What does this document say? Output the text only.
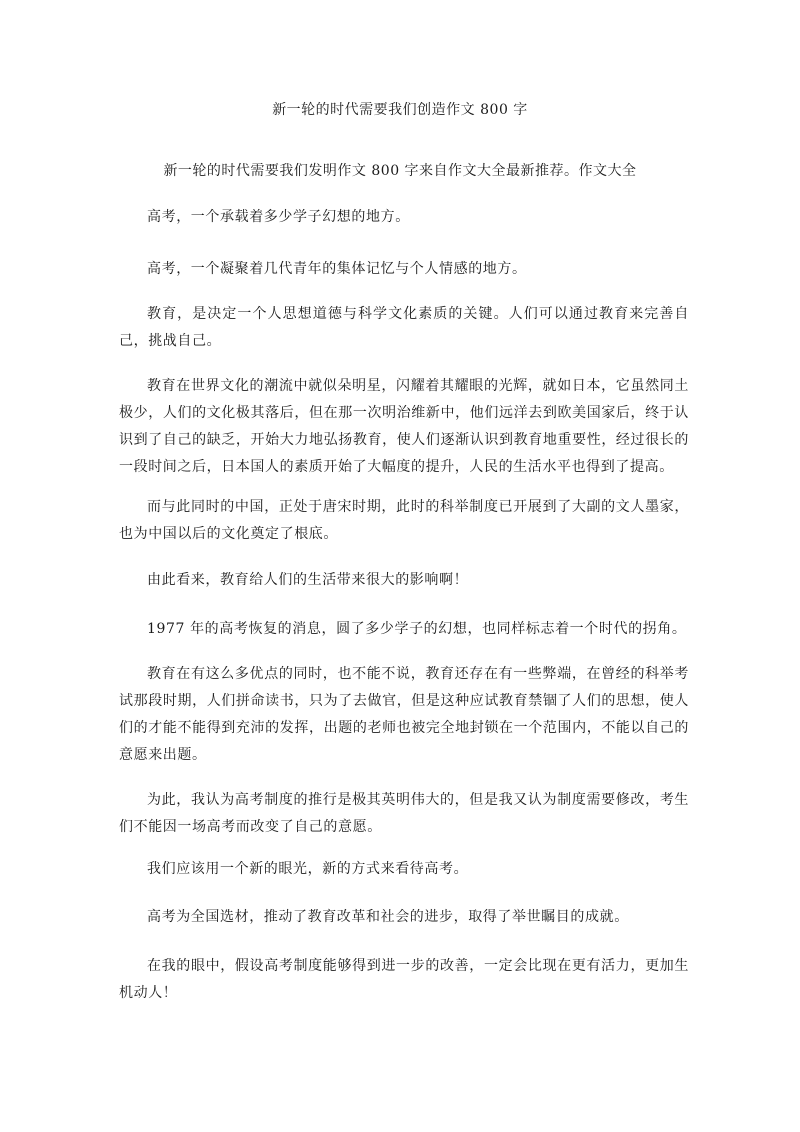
新一轮的时代需要我们创造作文 800 字

新一轮的时代需要我们发明作文 800 字来自作文大全最新推荐。作文大全

高考，一个承载着多少学子幻想的地方。

高考，一个凝聚着几代青年的集体记忆与个人情感的地方。

教育，是决定一个人思想道德与科学文化素质的关键。人们可以通过教育来完善自己，挑战自己。

教育在世界文化的潮流中就似朵明星，闪耀着其耀眼的光辉，就如日本，它虽然同土极少，人们的文化极其落后，但在那一次明治维新中，他们远洋去到欧美国家后，终于认识到了自己的缺乏，开始大力地弘扬教育，使人们逐渐认识到教育地重要性，经过很长的一段时间之后，日本国人的素质开始了大幅度的提升，人民的生活水平也得到了提高。

而与此同时的中国，正处于唐宋时期，此时的科举制度已开展到了大副的文人墨家，也为中国以后的文化奠定了根底。

由此看来，教育给人们的生活带来很大的影响啊！

1977 年的高考恢复的消息，圆了多少学子的幻想，也同样标志着一个时代的拐角。

教育在有这么多优点的同时，也不能不说，教育还存在有一些弊端，在曾经的科举考试那段时期，人们拼命读书，只为了去做官，但是这种应试教育禁锢了人们的思想，使人们的才能不能得到充沛的发挥，出题的老师也被完全地封锁在一个范围内，不能以自己的意愿来出题。

为此，我认为高考制度的推行是极其英明伟大的，但是我又认为制度需要修改，考生们不能因一场高考而改变了自己的意愿。

我们应该用一个新的眼光，新的方式来看待高考。

高考为全国选材，推动了教育改革和社会的进步，取得了举世瞩目的成就。

在我的眼中，假设高考制度能够得到进一步的改善，一定会比现在更有活力，更加生机动人！
